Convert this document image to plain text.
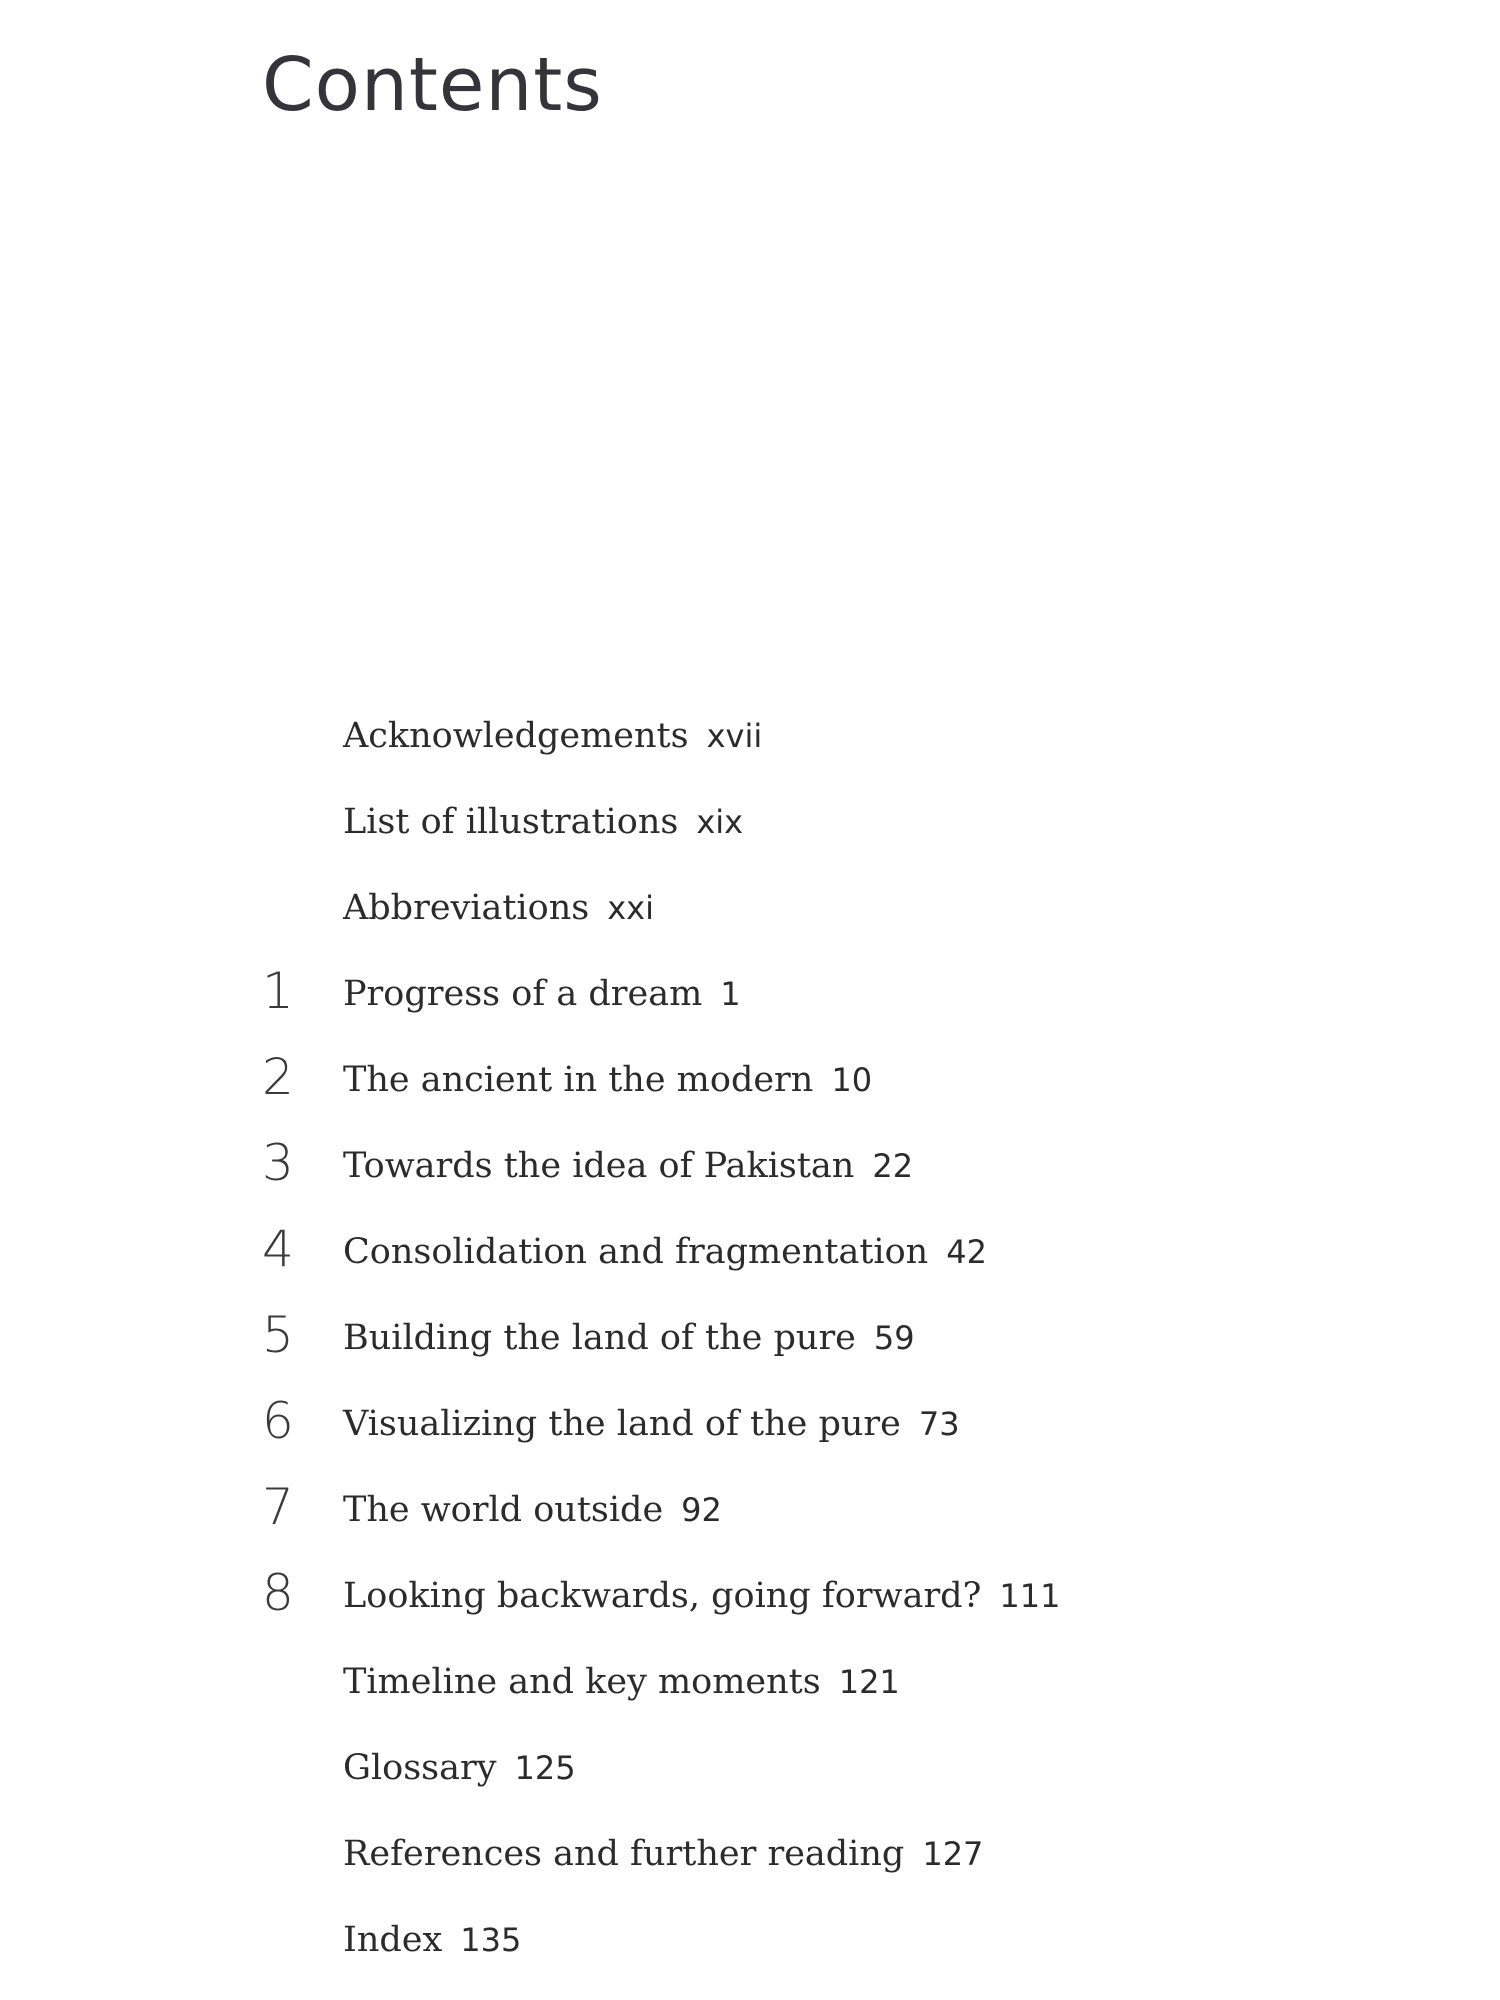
Contents
Acknowledgements xvii
List of illustrations xix
Abbreviations xxi
1	Progress of a dream 1
2	The ancient in the modern 10
3	Towards the idea of Pakistan 22
4	Consolidation and fragmentation 42
5	Building the land of the pure 59
6	Visualizing the land of the pure 73
7	The world outside 92
8	Looking backwards, going forward? 111
Timeline and key moments 121
Glossary 125
References and further reading 127
Index 135
